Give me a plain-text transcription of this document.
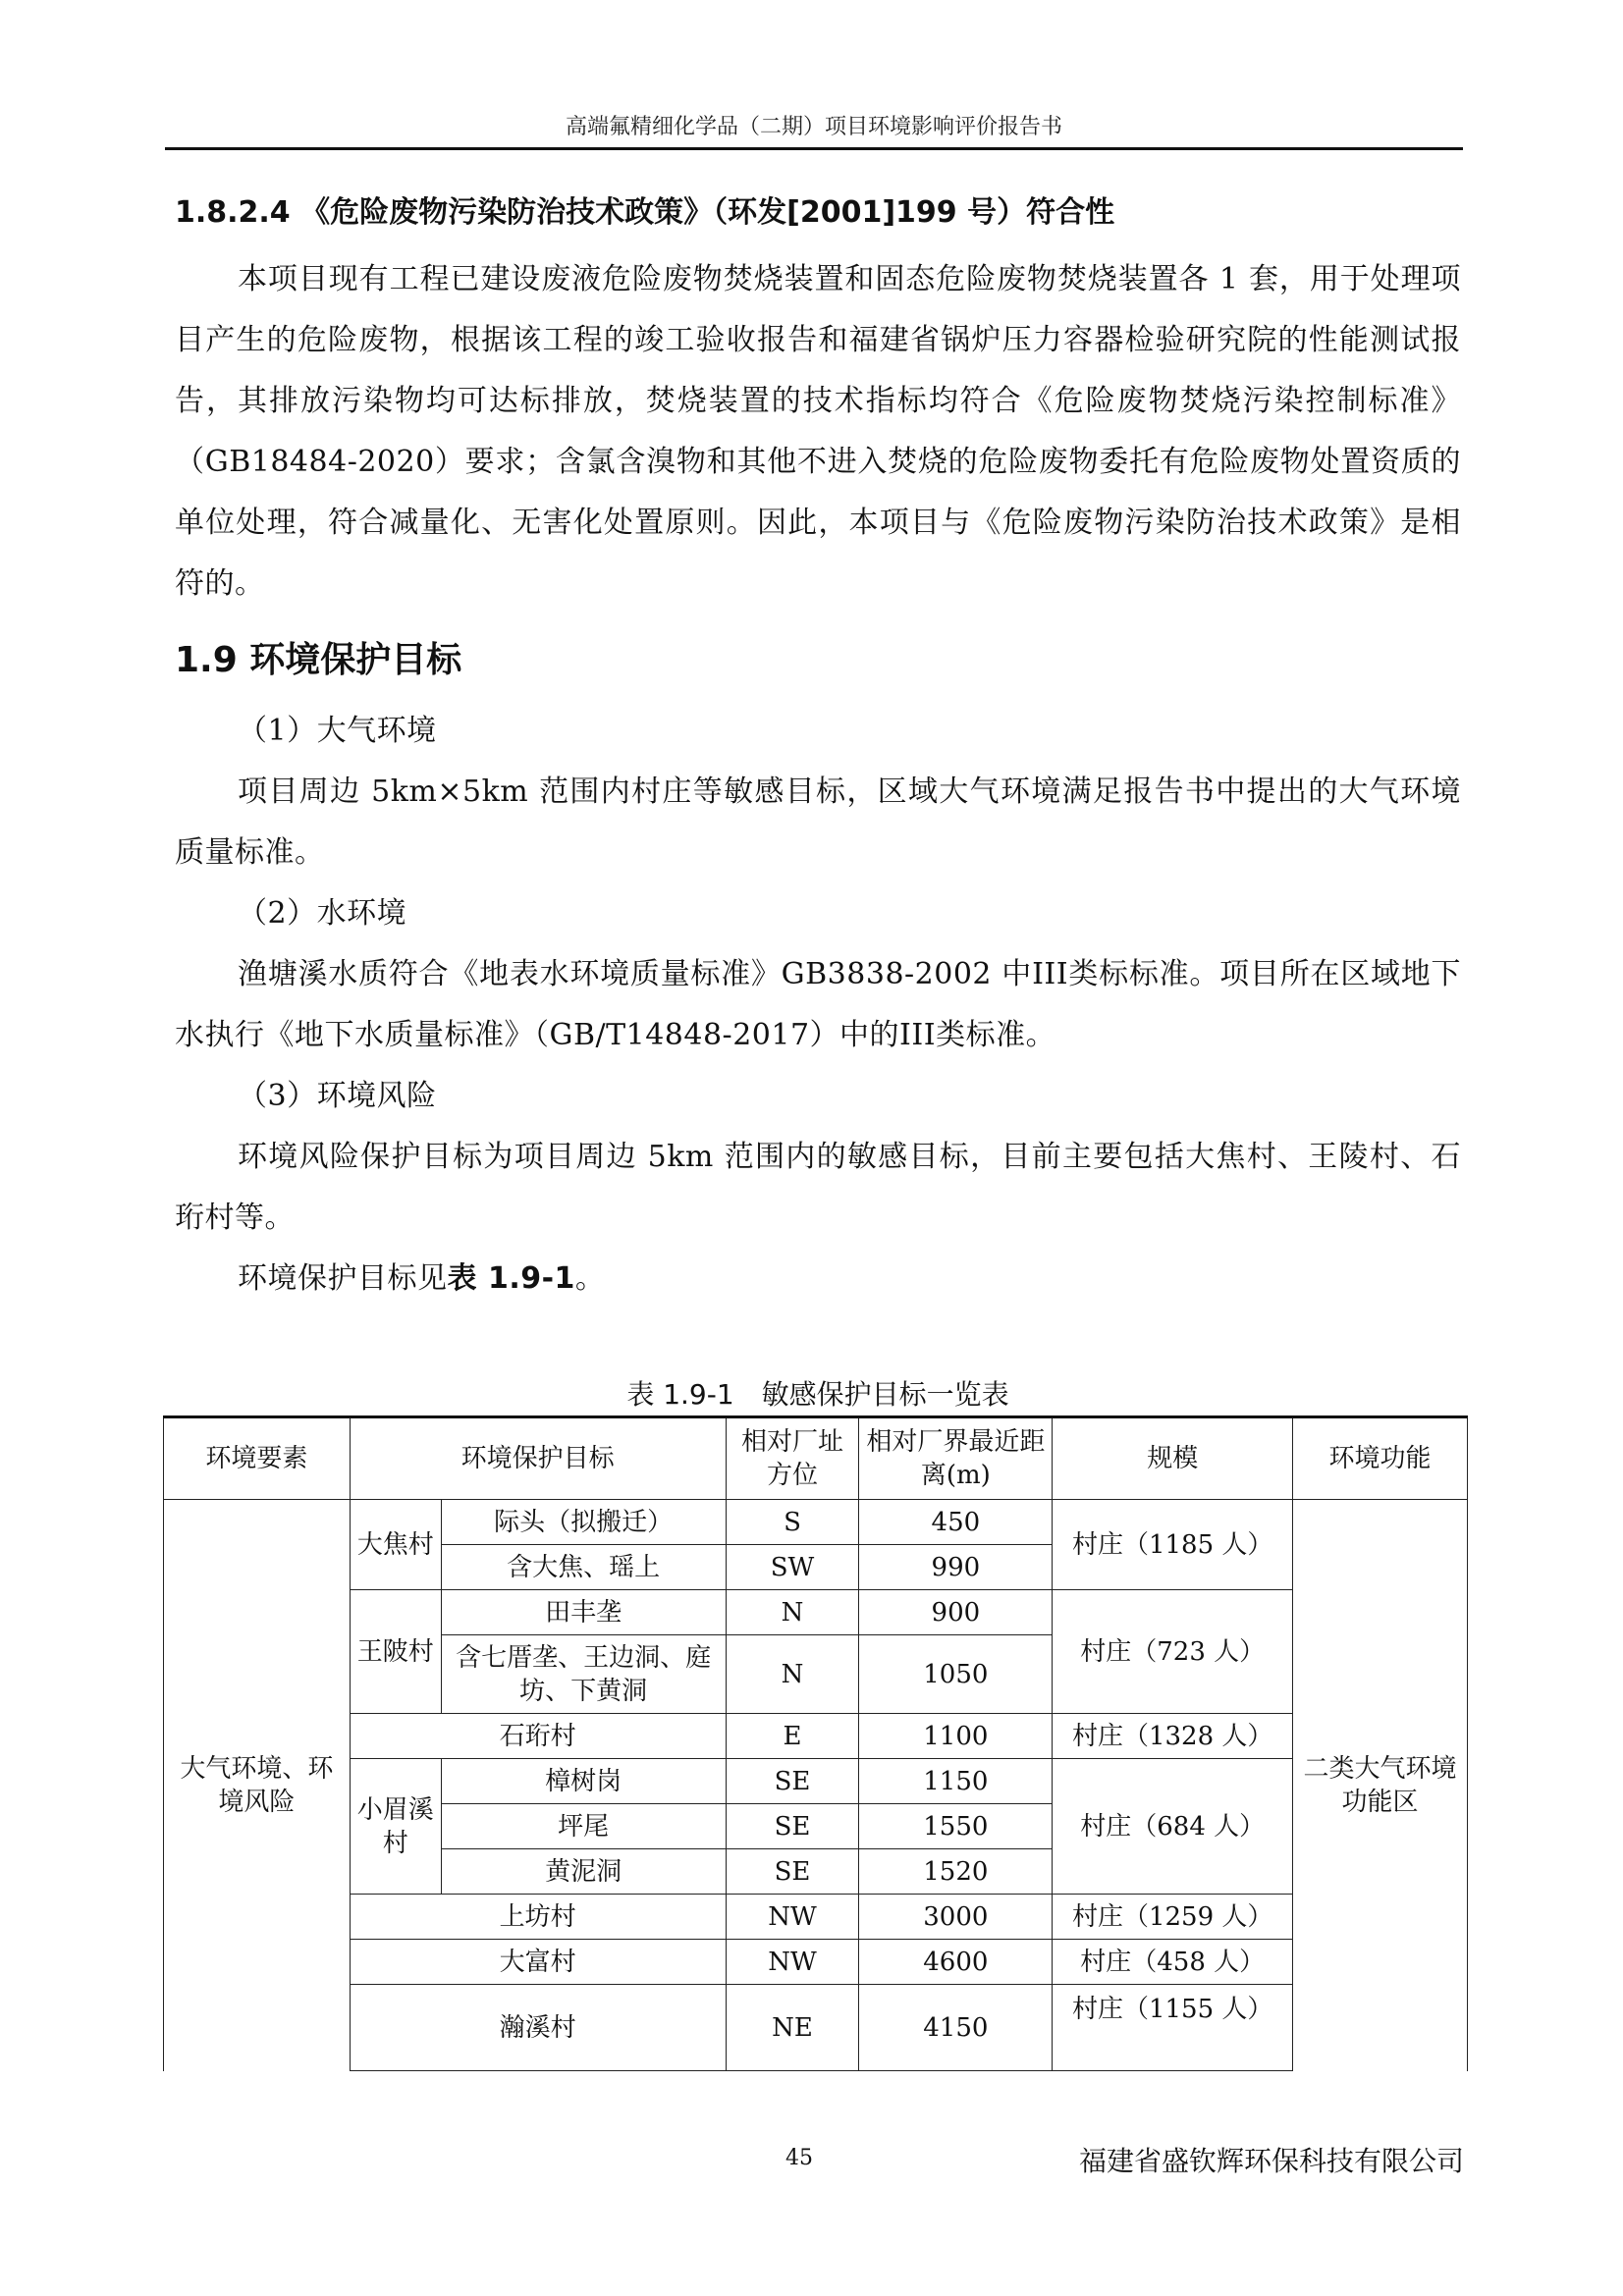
高端氟精细化学品（二期）项目环境影响评价报告书
1.8.2.4 《危险废物污染防治技术政策》（环发[2001]199 号）符合性

本项目现有工程已建设废液危险废物焚烧装置和固态危险废物焚烧装置各 1 套，用于处理项目产生的危险废物，根据该工程的竣工验收报告和福建省锅炉压力容器检验研究院的性能测试报告，其排放污染物均可达标排放，焚烧装置的技术指标均符合《危险废物焚烧污染控制标准》（GB18484-2020）要求；含氯含溴物和其他不进入焚烧的危险废物委托有危险废物处置资质的单位处理，符合减量化、无害化处置原则。因此，本项目与《危险废物污染防治技术政策》是相符的。

1.9 环境保护目标

（1）大气环境

项目周边 5km×5km 范围内村庄等敏感目标，区域大气环境满足报告书中提出的大气环境质量标准。

（2）水环境

渔塘溪水质符合《地表水环境质量标准》GB3838-2002 中III类标标准。项目所在区域地下水执行《地下水质量标准》（GB/T14848-2017）中的III类标准。

（3）环境风险

环境风险保护目标为项目周边 5km 范围内的敏感目标，目前主要包括大焦村、王陵村、石珩村等。

环境保护目标见表 1.9-1。

表 1.9-1　敏感保护目标一览表
环境要素	环境保护目标		相对厂址方位	相对厂界最近距离(m)	规模	环境功能
大气环境、环境风险	大焦村	际头（拟搬迁）	S	450	村庄（1185 人）	二类大气环境功能区
		含大焦、瑶上	SW	990		
	王陂村	田丰垄	N	900	村庄（723 人）	
		含七厝垄、王边洞、庭坊、下黄洞	N	1050		
	石珩村		E	1100	村庄（1328 人）	
	小眉溪村	樟树岗	SE	1150	村庄（684 人）	
		坪尾	SE	1550		
		黄泥洞	SE	1520		
	上坊村		NW	3000	村庄（1259 人）	
	大富村		NW	4600	村庄（458 人）	
	瀚溪村		NE	4150	村庄（1155 人）	
45	福建省盛钦辉环保科技有限公司
